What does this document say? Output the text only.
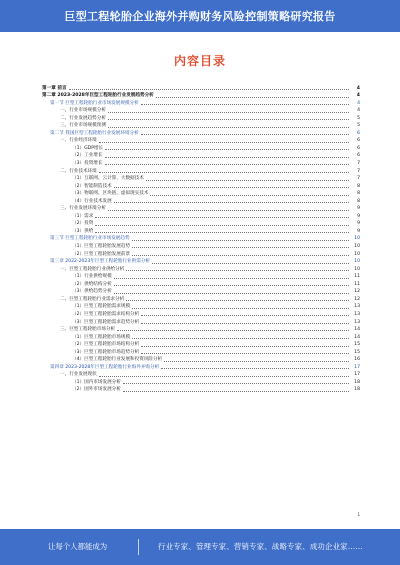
巨型工程轮胎企业海外并购财务风险控制策略研究报告
内容目录
第一章 前言	4
第二章 2023-2028年巨型工程轮胎行业发展趋势分析	4
第一节 巨型工程轮胎行业市场发展规模分析	4
一、行业市场规模分析	4
二、行业发展趋势分析	5
三、行业市场规模预测	5
第二节 我国巨型工程轮胎行业发展环境分析	6
一、行业经济环境	6
（1）GDP增长	6
（2）工业增长	6
（3）投资增长	7
二、行业技术环境	7
（1）互联网、云计算、大数据技术	7
（2）智能制造技术	8
（3）物联网、区块链、虚拟现实技术	8
（4）行业技术发展	8
三、行业发展环境分析	9
（1）需求	9
（2）投资	9
（3）供给	9
第三节 巨型工程轮胎行业市场发展趋势	10
（1）巨型工程轮胎发展趋势	10
（2）巨型工程轮胎发展前景	10
第三章 2022-2023年巨型工程轮胎行业供需分析	10
一、巨型工程轮胎行业供给分析	10
（1）行业供给规模	11
（2）供给结构分析	11
（3）供给趋势分析	12
二、巨型工程轮胎行业需求分析	12
（1）巨型工程轮胎需求规模	13
（2）巨型工程轮胎需求结构分析	13
（3）巨型工程轮胎需求趋势分析	13
三、巨型工程轮胎市场分析	14
（1）巨型工程轮胎市场规模	14
（2）巨型工程轮胎市场结构分析	15
（3）巨型工程轮胎市场趋势分析	15
（4）巨型工程轮胎行业发展和投资风险分析	16
第四章 2023-2028年巨型工程轮胎行业海外并购分析	17
一、行业发展现状	17
（1）国内市场发展分析	18
（2）国外市场发展分析	18
1
让每个人都能成为	行业专家、管理专家、营销专家、战略专家、成功企业家……
